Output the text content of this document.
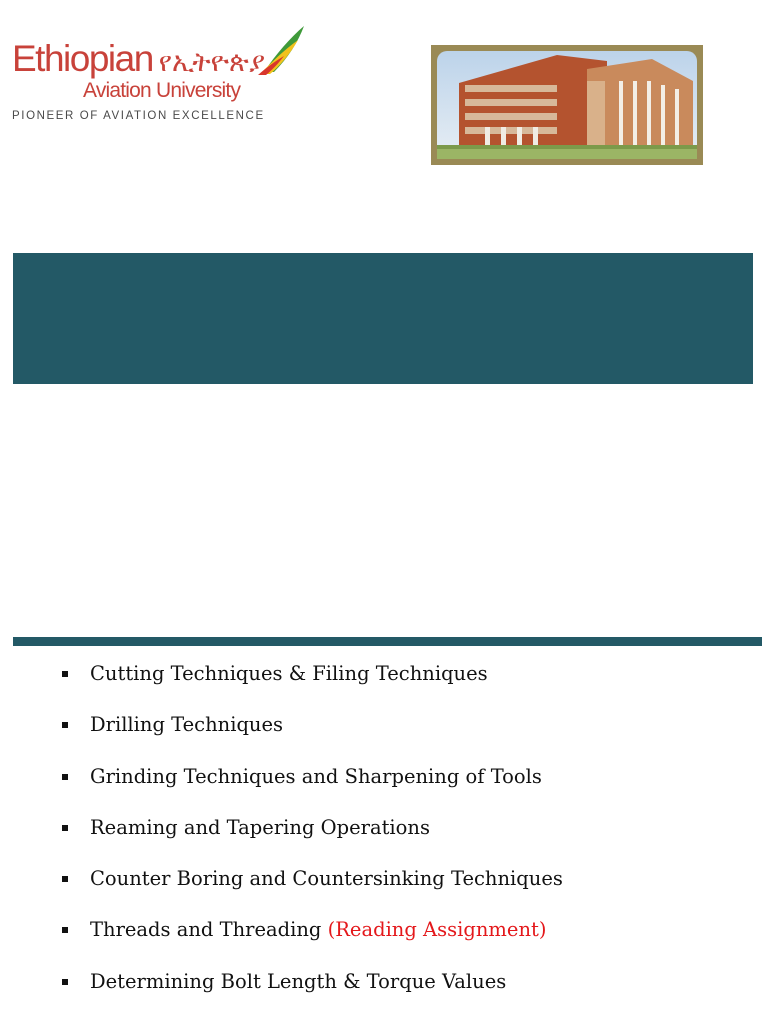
Ethiopian የኢትዮጵያ
Aviation University
PIONEER OF AVIATION EXCELLENCE
Cutting Techniques & Filing Techniques
Drilling Techniques
Grinding Techniques and Sharpening of Tools
Reaming and Tapering Operations
Counter Boring and Countersinking Techniques
Threads and Threading (Reading Assignment)
Determining Bolt Length & Torque Values
